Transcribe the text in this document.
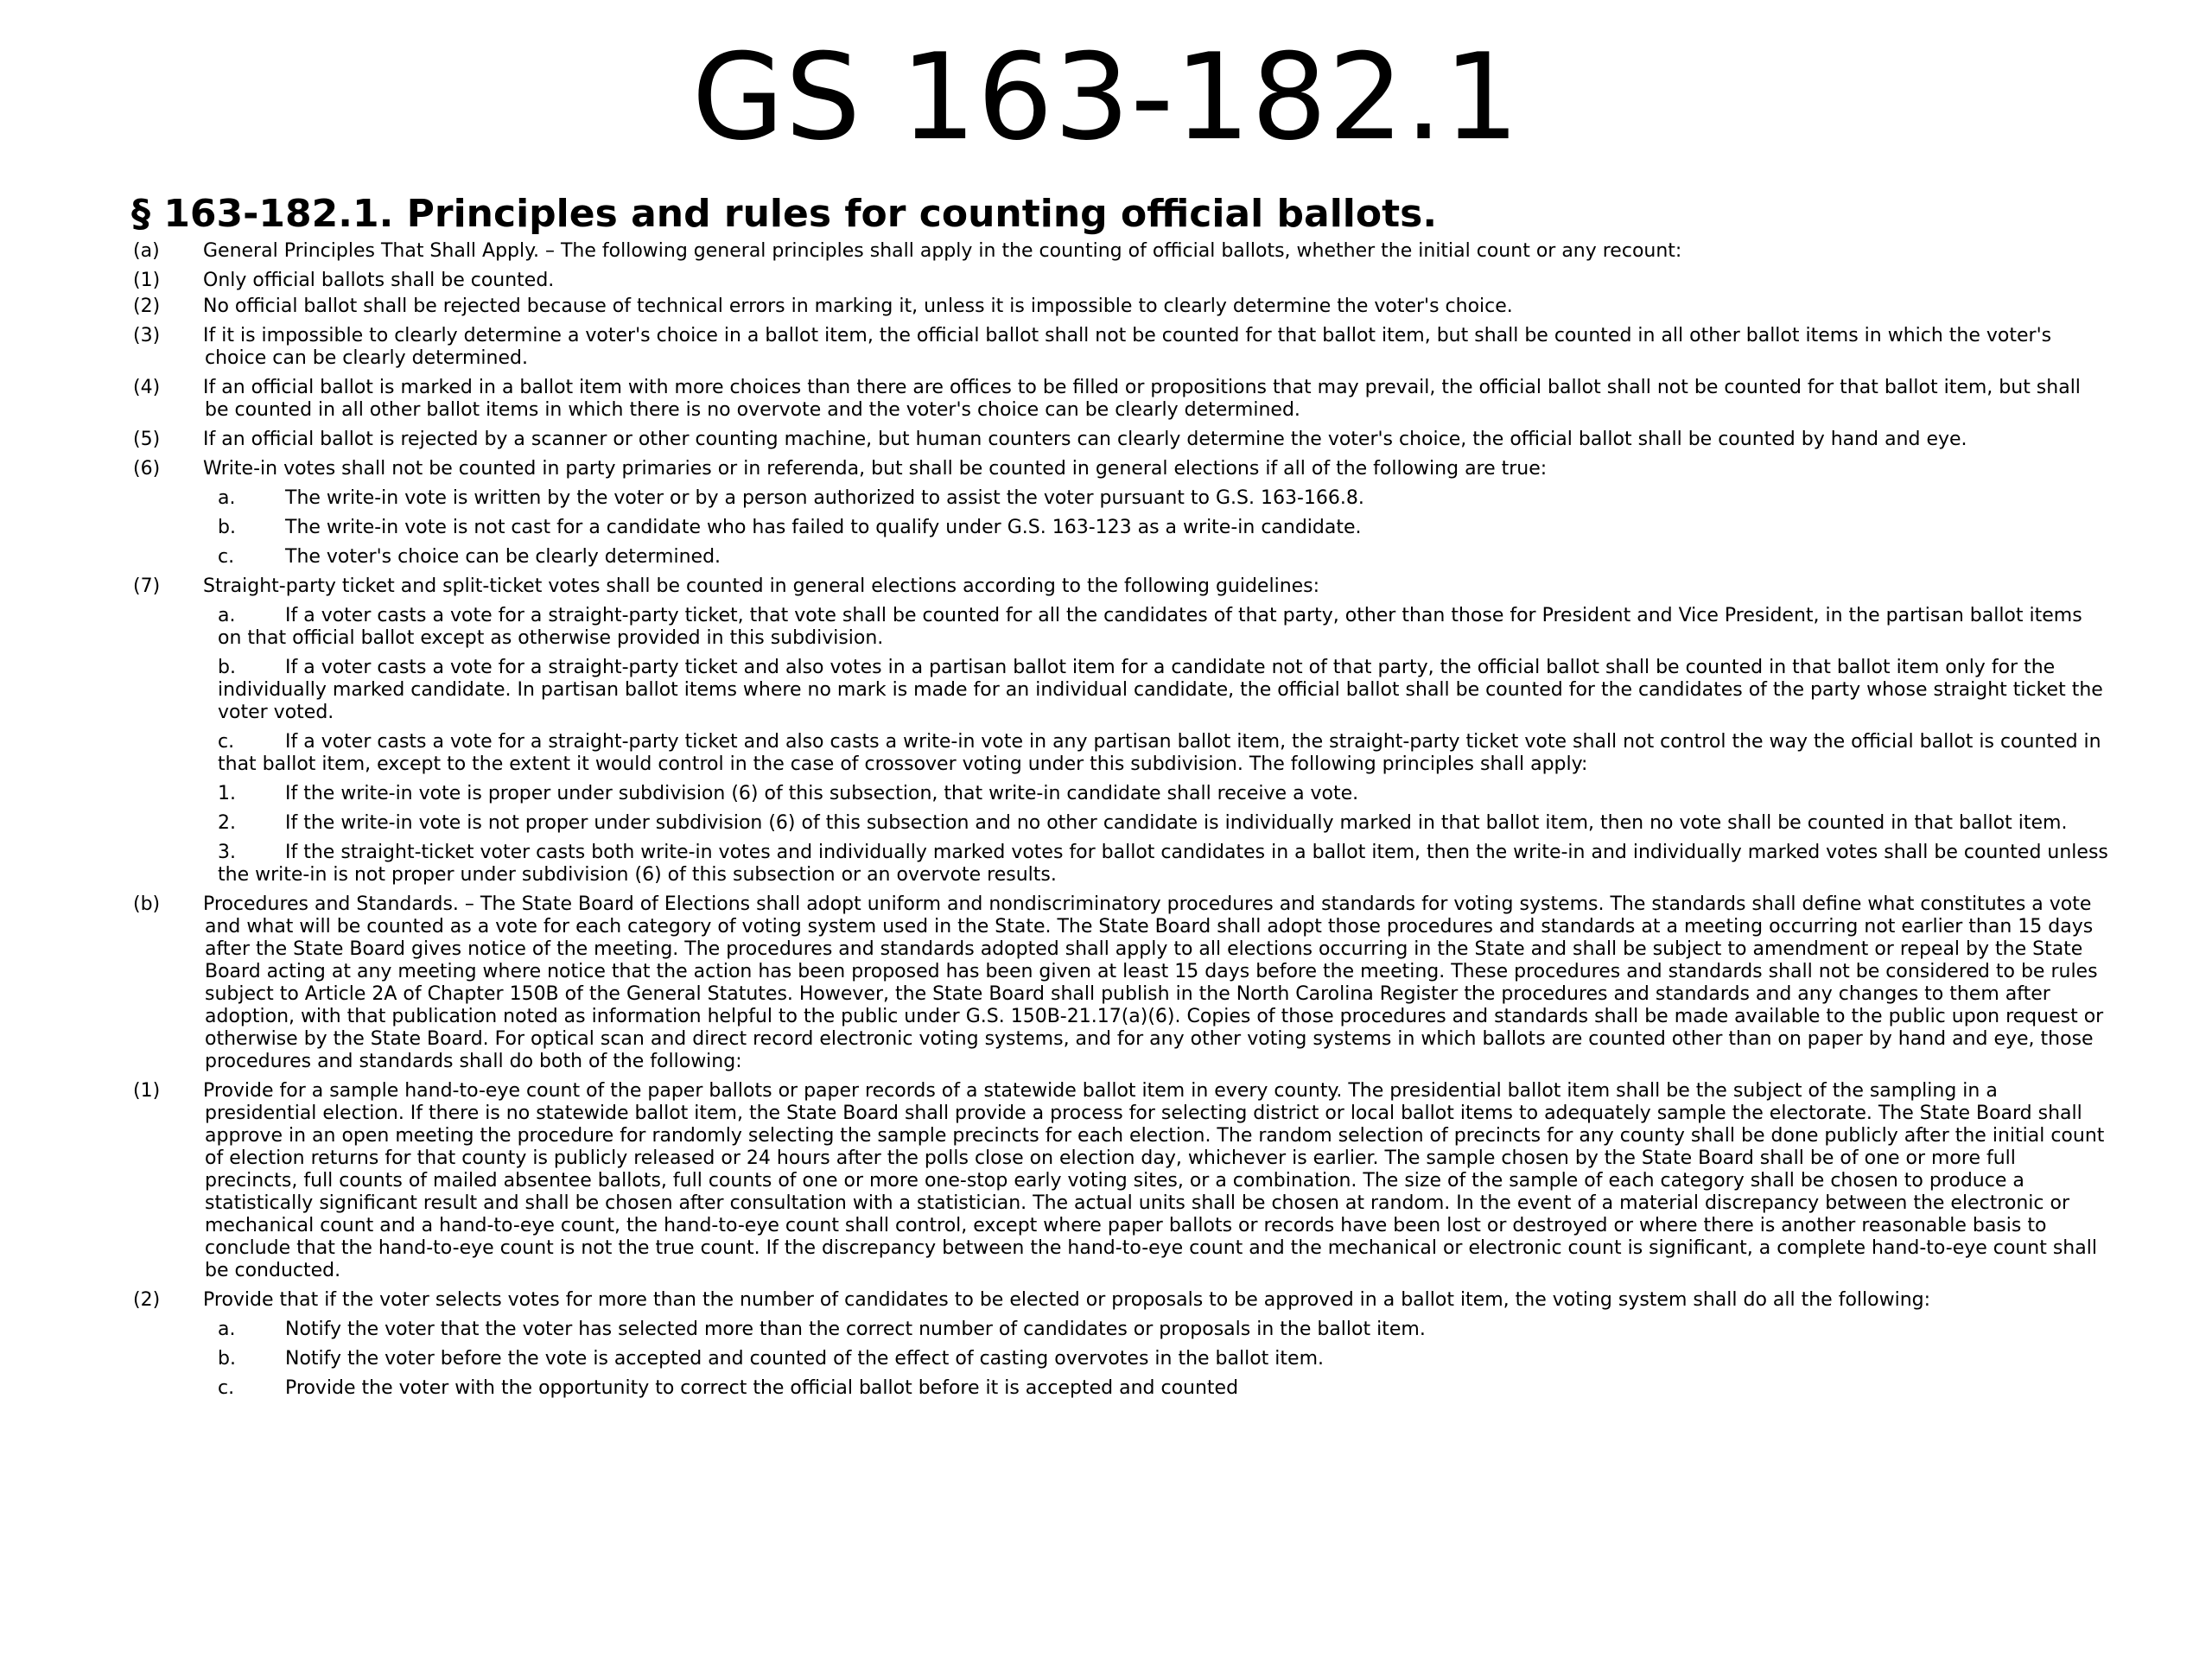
GS 163-182.1
§ 163-182.1. Principles and rules for counting official ballots.
(a) General Principles That Shall Apply. – The following general principles shall apply in the counting of official ballots, whether the initial count or any recount:
(1) Only official ballots shall be counted.
(2) No official ballot shall be rejected because of technical errors in marking it, unless it is impossible to clearly determine the voter's choice.
(3) If it is impossible to clearly determine a voter's choice in a ballot item, the official ballot shall not be counted for that ballot item, but shall be counted in all other ballot items in which the voter's choice can be clearly determined.
(4) If an official ballot is marked in a ballot item with more choices than there are offices to be filled or propositions that may prevail, the official ballot shall not be counted for that ballot item, but shall be counted in all other ballot items in which there is no overvote and the voter's choice can be clearly determined.
(5) If an official ballot is rejected by a scanner or other counting machine, but human counters can clearly determine the voter's choice, the official ballot shall be counted by hand and eye.
(6) Write-in votes shall not be counted in party primaries or in referenda, but shall be counted in general elections if all of the following are true:
a.	The write-in vote is written by the voter or by a person authorized to assist the voter pursuant to G.S. 163-166.8.
b.	The write-in vote is not cast for a candidate who has failed to qualify under G.S. 163-123 as a write-in candidate.
c.	The voter's choice can be clearly determined.
(7) Straight-party ticket and split-ticket votes shall be counted in general elections according to the following guidelines:
a.	If a voter casts a vote for a straight-party ticket, that vote shall be counted for all the candidates of that party, other than those for President and Vice President, in the partisan ballot items on that official ballot except as otherwise provided in this subdivision.
b.	If a voter casts a vote for a straight-party ticket and also votes in a partisan ballot item for a candidate not of that party, the official ballot shall be counted in that ballot item only for the individually marked candidate. In partisan ballot items where no mark is made for an individual candidate, the official ballot shall be counted for the candidates of the party whose straight ticket the voter voted.
c.	If a voter casts a vote for a straight-party ticket and also casts a write-in vote in any partisan ballot item, the straight-party ticket vote shall not control the way the official ballot is counted in that ballot item, except to the extent it would control in the case of crossover voting under this subdivision. The following principles shall apply:
1.	If the write-in vote is proper under subdivision (6) of this subsection, that write-in candidate shall receive a vote.
2.	If the write-in vote is not proper under subdivision (6) of this subsection and no other candidate is individually marked in that ballot item, then no vote shall be counted in that ballot item.
3.	If the straight-ticket voter casts both write-in votes and individually marked votes for ballot candidates in a ballot item, then the write-in and individually marked votes shall be counted unless the write-in is not proper under subdivision (6) of this subsection or an overvote results.
(b) Procedures and Standards. – The State Board of Elections shall adopt uniform and nondiscriminatory procedures and standards for voting systems. The standards shall define what constitutes a vote and what will be counted as a vote for each category of voting system used in the State. The State Board shall adopt those procedures and standards at a meeting occurring not earlier than 15 days after the State Board gives notice of the meeting. The procedures and standards adopted shall apply to all elections occurring in the State and shall be subject to amendment or repeal by the State Board acting at any meeting where notice that the action has been proposed has been given at least 15 days before the meeting. These procedures and standards shall not be considered to be rules subject to Article 2A of Chapter 150B of the General Statutes. However, the State Board shall publish in the North Carolina Register the procedures and standards and any changes to them after adoption, with that publication noted as information helpful to the public under G.S. 150B-21.17(a)(6). Copies of those procedures and standards shall be made available to the public upon request or otherwise by the State Board. For optical scan and direct record electronic voting systems, and for any other voting systems in which ballots are counted other than on paper by hand and eye, those procedures and standards shall do both of the following:
(1) Provide for a sample hand-to-eye count of the paper ballots or paper records of a statewide ballot item in every county. The presidential ballot item shall be the subject of the sampling in a presidential election. If there is no statewide ballot item, the State Board shall provide a process for selecting district or local ballot items to adequately sample the electorate. The State Board shall approve in an open meeting the procedure for randomly selecting the sample precincts for each election. The random selection of precincts for any county shall be done publicly after the initial count of election returns for that county is publicly released or 24 hours after the polls close on election day, whichever is earlier. The sample chosen by the State Board shall be of one or more full precincts, full counts of mailed absentee ballots, full counts of one or more one-stop early voting sites, or a combination. The size of the sample of each category shall be chosen to produce a statistically significant result and shall be chosen after consultation with a statistician. The actual units shall be chosen at random. In the event of a material discrepancy between the electronic or mechanical count and a hand-to-eye count, the hand-to-eye count shall control, except where paper ballots or records have been lost or destroyed or where there is another reasonable basis to conclude that the hand-to-eye count is not the true count. If the discrepancy between the hand-to-eye count and the mechanical or electronic count is significant, a complete hand-to-eye count shall be conducted.
(2) Provide that if the voter selects votes for more than the number of candidates to be elected or proposals to be approved in a ballot item, the voting system shall do all the following:
a.	Notify the voter that the voter has selected more than the correct number of candidates or proposals in the ballot item.
b.	Notify the voter before the vote is accepted and counted of the effect of casting overvotes in the ballot item.
c.	Provide the voter with the opportunity to correct the official ballot before it is accepted and counted
